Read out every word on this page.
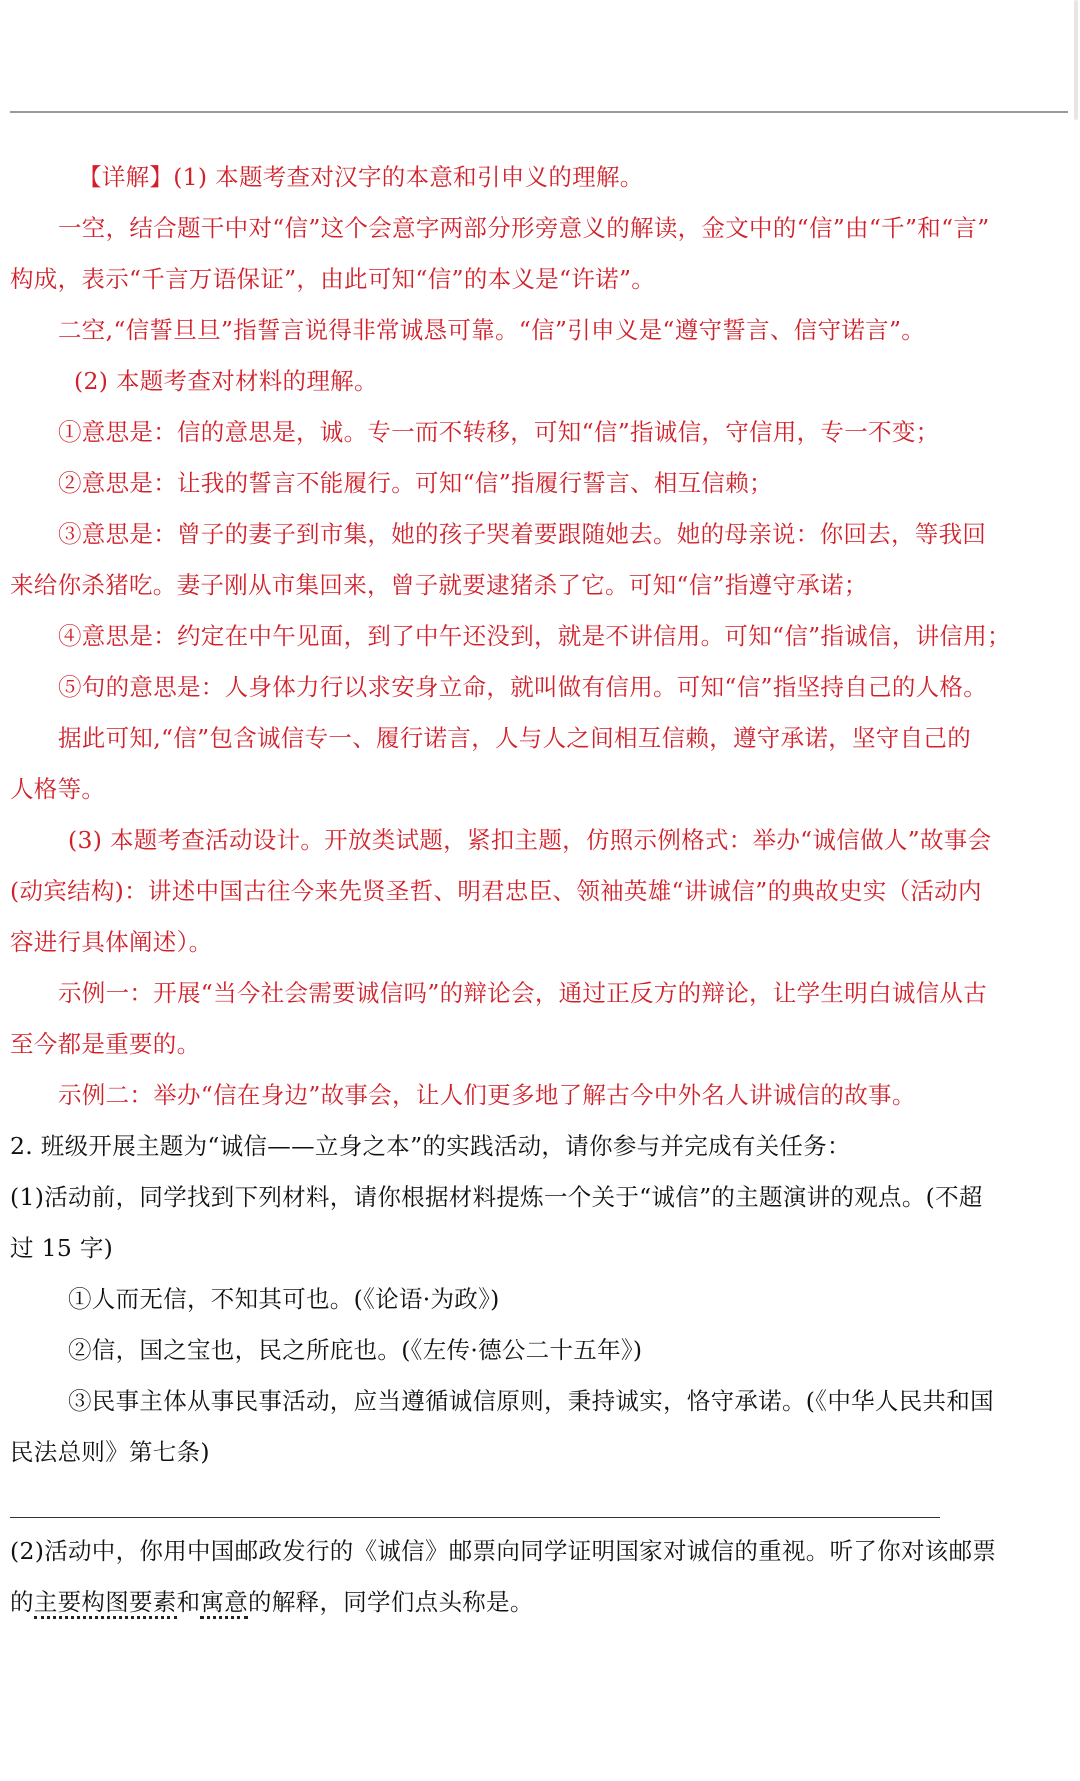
【详解】(1) 本题考查对汉字的本意和引申义的理解。
一空，结合题干中对“信”这个会意字两部分形旁意义的解读，金文中的“信”由“千”和“言”
构成，表示“千言万语保证”，由此可知“信”的本义是“许诺”。
二空,“信誓旦旦”指誓言说得非常诚恳可靠。“信”引申义是“遵守誓言、信守诺言”。
(2) 本题考查对材料的理解。
①意思是：信的意思是，诚。专一而不转移，可知“信”指诚信，守信用，专一不变；
②意思是：让我的誓言不能履行。可知“信”指履行誓言、相互信赖；
③意思是：曾子的妻子到市集，她的孩子哭着要跟随她去。她的母亲说：你回去，等我回
来给你杀猪吃。妻子刚从市集回来，曾子就要逮猪杀了它。可知“信”指遵守承诺；
④意思是：约定在中午见面，到了中午还没到，就是不讲信用。可知“信”指诚信，讲信用；
⑤句的意思是：人身体力行以求安身立命，就叫做有信用。可知“信”指坚持自己的人格。
据此可知,“信”包含诚信专一、履行诺言，人与人之间相互信赖，遵守承诺，坚守自己的
人格等。
(3) 本题考查活动设计。开放类试题，紧扣主题，仿照示例格式：举办“诚信做人”故事会
(动宾结构)：讲述中国古往今来先贤圣哲、明君忠臣、领袖英雄“讲诚信”的典故史实（活动内
容进行具体阐述）。
示例一：开展“当今社会需要诚信吗”的辩论会，通过正反方的辩论，让学生明白诚信从古
至今都是重要的。
示例二：举办“信在身边”故事会，让人们更多地了解古今中外名人讲诚信的故事。
2. 班级开展主题为“诚信——立身之本”的实践活动，请你参与并完成有关任务：
(1)活动前，同学找到下列材料，请你根据材料提炼一个关于“诚信”的主题演讲的观点。(不超
过 15 字)
①人而无信，不知其可也。(《论语·为政》)
②信，国之宝也，民之所庇也。(《左传·德公二十五年》)
③民事主体从事民事活动，应当遵循诚信原则，秉持诚实，恪守承诺。(《中华人民共和国
民法总则》第七条)
(2)活动中，你用中国邮政发行的《诚信》邮票向同学证明国家对诚信的重视。听了你对该邮票
的主要构图要素和寓意的解释，同学们点头称是。
